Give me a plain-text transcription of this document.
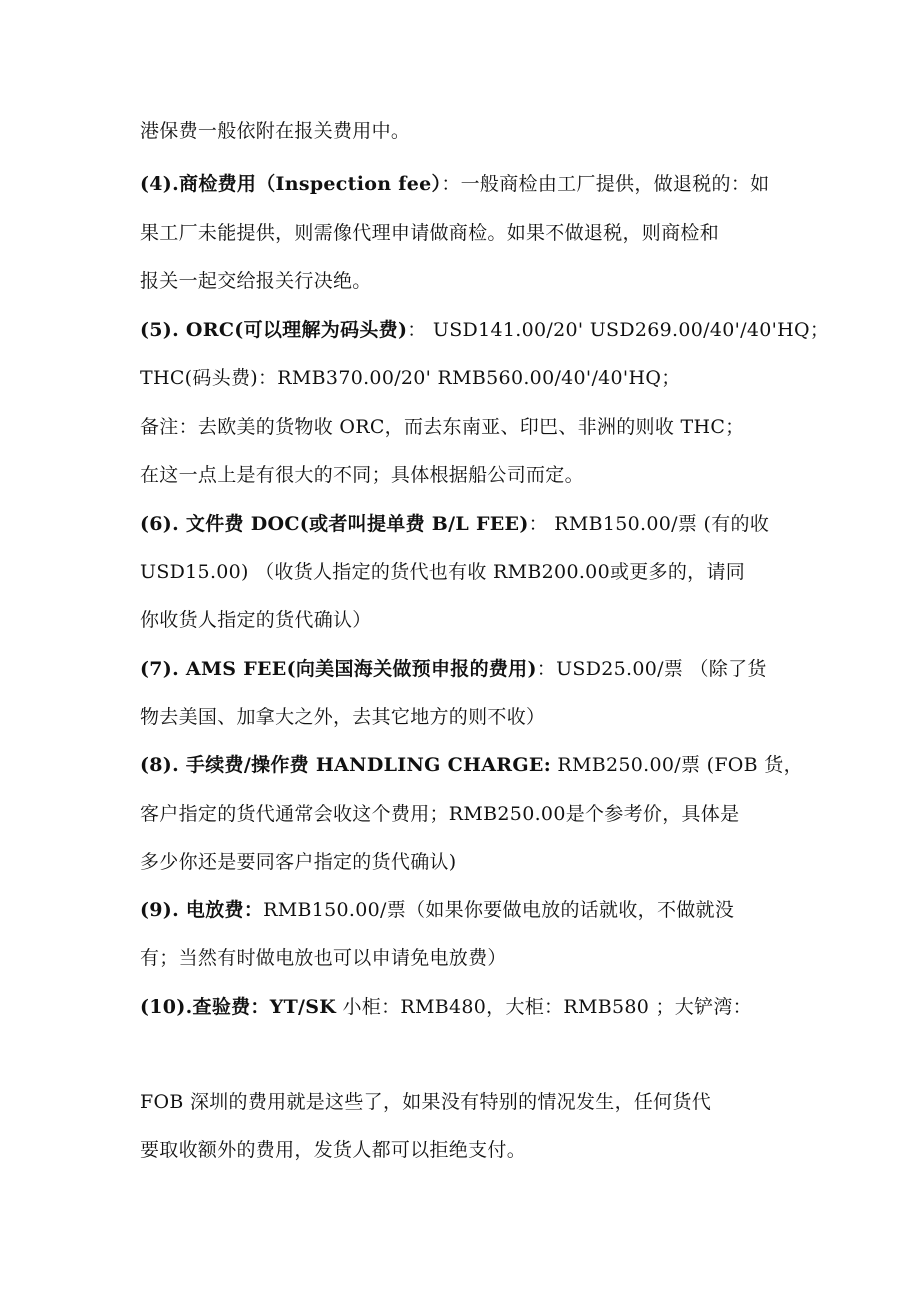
港保费一般依附在报关费用中。
(4).商检费用（Inspection fee）：一般商检由工厂提供，做退税的：如
果工厂未能提供，则需像代理申请做商检。如果不做退税，则商检和
报关一起交给报关行决绝。
(5). ORC(可以理解为码头费)： USD141.00/20' USD269.00/40'/40'HQ；
THC(码头费)：RMB370.00/20' RMB560.00/40'/40'HQ；
备注：去欧美的货物收 ORC，而去东南亚、印巴、非洲的则收 THC；
在这一点上是有很大的不同；具体根据船公司而定。
(6). 文件费 DOC(或者叫提单费 B/L FEE)： RMB150.00/票 (有的收
USD15.00) （收货人指定的货代也有收 RMB200.00或更多的，请同
你收货人指定的货代确认）
(7). AMS FEE(向美国海关做预申报的费用)：USD25.00/票 （除了货
物去美国、加拿大之外，去其它地方的则不收）
(8). 手续费/操作费 HANDLING CHARGE: RMB250.00/票 (FOB 货，
客户指定的货代通常会收这个费用；RMB250.00是个参考价，具体是
多少你还是要同客户指定的货代确认)
(9). 电放费：RMB150.00/票（如果你要做电放的话就收，不做就没
有；当然有时做电放也可以申请免电放费）
(10).查验费：YT/SK 小柜：RMB480，大柜：RMB580 ；大铲湾：
FOB 深圳的费用就是这些了，如果没有特别的情况发生，任何货代
要取收额外的费用，发货人都可以拒绝支付。
